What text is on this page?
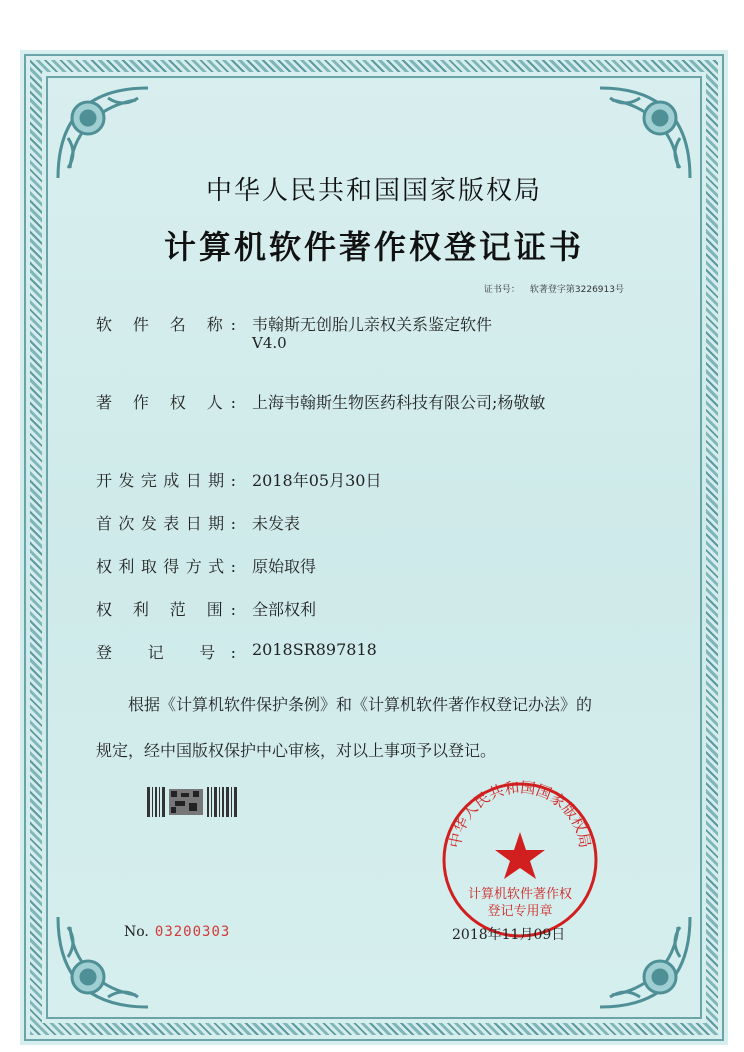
中华人民共和国国家版权局
计算机软件著作权登记证书
证书号： 软著登字第3226913号
软 件 名 称: 韦翰斯无创胎儿亲权关系鉴定软件
V4.0
著 作 权 人: 上海韦翰斯生物医药科技有限公司;杨敬敏
开发完成日期: 2018年05月30日
首次发表日期: 未发表
权利取得方式: 原始取得
权 利 范 围: 全部权利
登 记 号: 2018SR897818
根据《计算机软件保护条例》和《计算机软件著作权登记办法》的
规定，经中国版权保护中心审核，对以上事项予以登记。
中华人民共和国国家版权局
计算机软件著作权
登记专用章
No. 03200303	2018年11月09日
